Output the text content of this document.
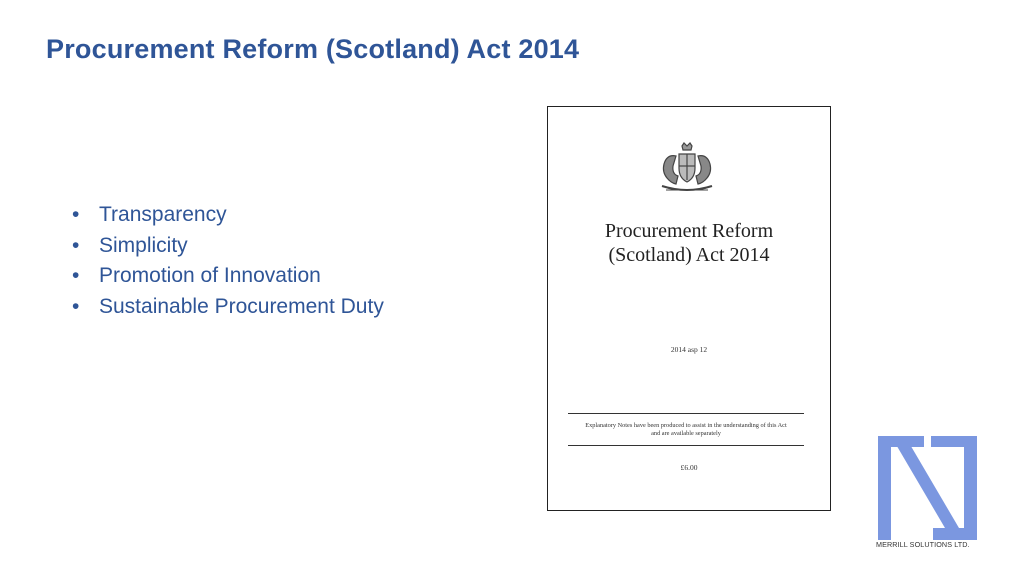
Procurement Reform (Scotland) Act 2014
• Transparency
• Simplicity
• Promotion of Innovation
• Sustainable Procurement Duty
Procurement Reform
(Scotland) Act 2014
2014 asp 12
Explanatory Notes have been produced to assist in the understanding of this Act and are available separately
£6.00
MERRILL SOLUTIONS LTD.
